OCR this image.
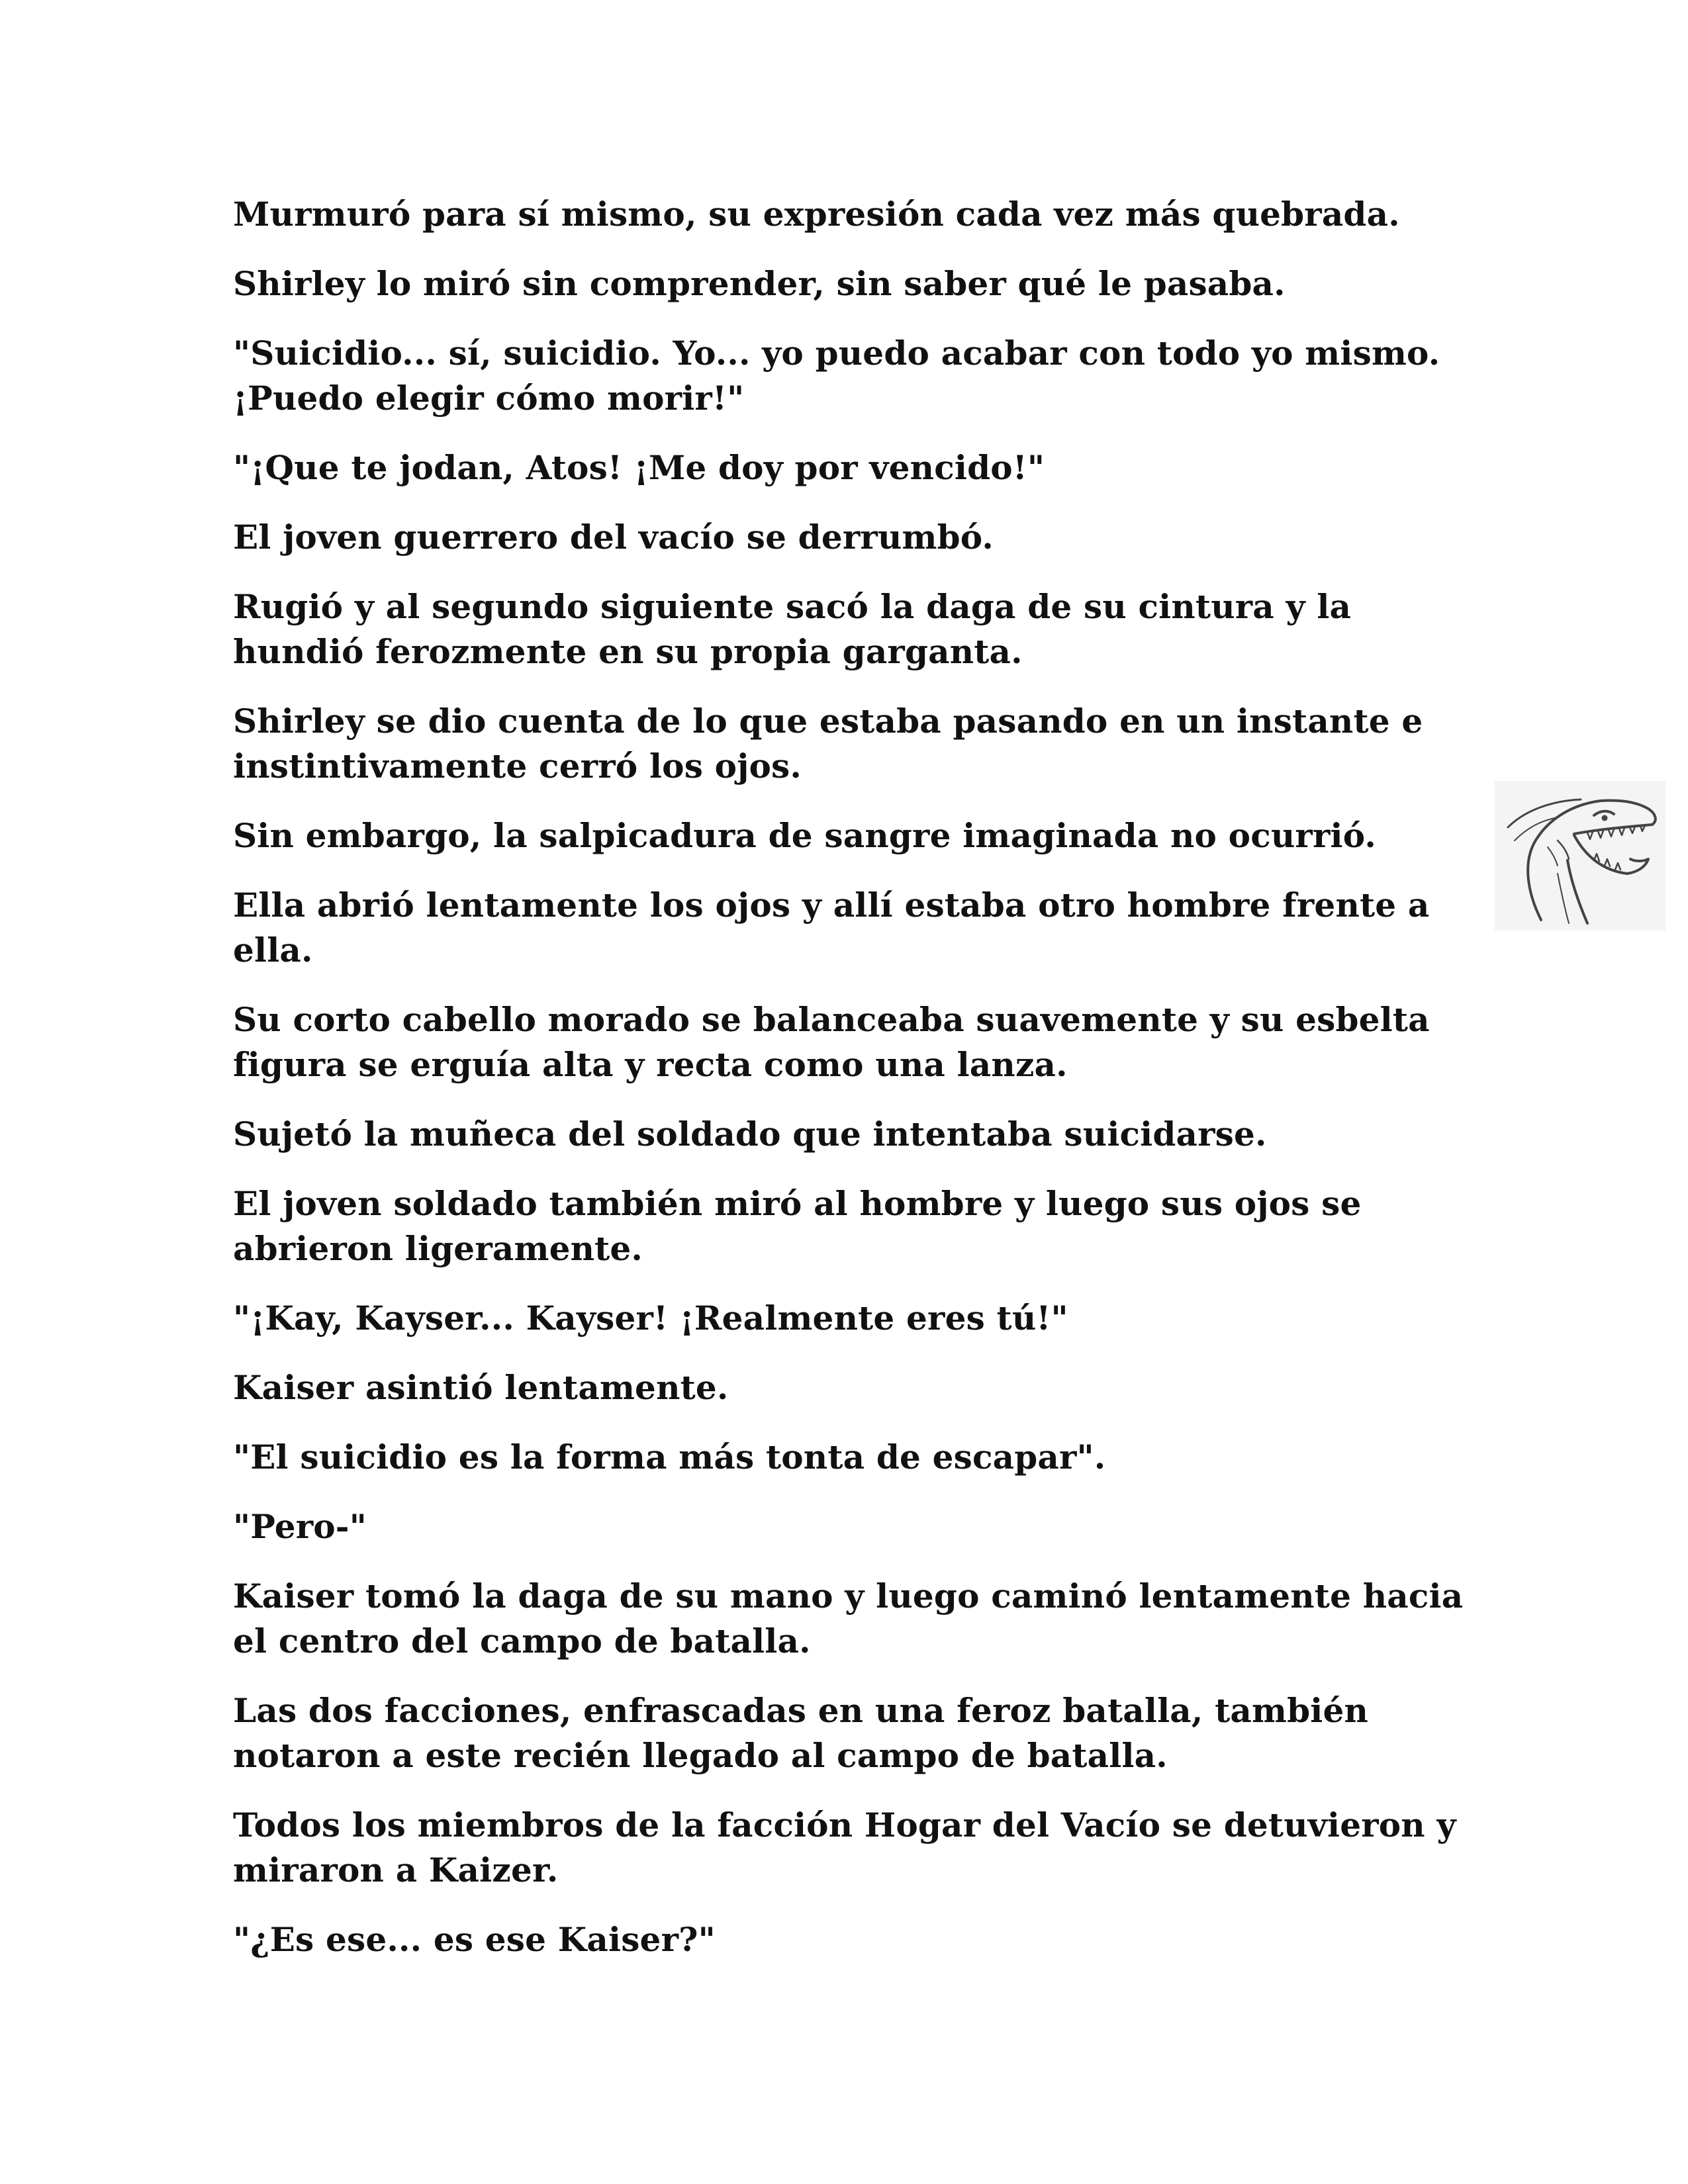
Murmuró para sí mismo, su expresión cada vez más quebrada.

Shirley lo miró sin comprender, sin saber qué le pasaba.

"Suicidio... sí, suicidio. Yo... yo puedo acabar con todo yo mismo. ¡Puedo elegir cómo morir!"

"¡Que te jodan, Atos! ¡Me doy por vencido!"

El joven guerrero del vacío se derrumbó.

Rugió y al segundo siguiente sacó la daga de su cintura y la hundió ferozmente en su propia garganta.

Shirley se dio cuenta de lo que estaba pasando en un instante e instintivamente cerró los ojos.

Sin embargo, la salpicadura de sangre imaginada no ocurrió.

Ella abrió lentamente los ojos y allí estaba otro hombre frente a ella.

Su corto cabello morado se balanceaba suavemente y su esbelta figura se erguía alta y recta como una lanza.

Sujetó la muñeca del soldado que intentaba suicidarse.

El joven soldado también miró al hombre y luego sus ojos se abrieron ligeramente.

"¡Kay, Kayser... Kayser! ¡Realmente eres tú!"

Kaiser asintió lentamente.

"El suicidio es la forma más tonta de escapar".

"Pero-"

Kaiser tomó la daga de su mano y luego caminó lentamente hacia el centro del campo de batalla.

Las dos facciones, enfrascadas en una feroz batalla, también notaron a este recién llegado al campo de batalla.

Todos los miembros de la facción Hogar del Vacío se detuvieron y miraron a Kaizer.

"¿Es ese... es ese Kaiser?"
